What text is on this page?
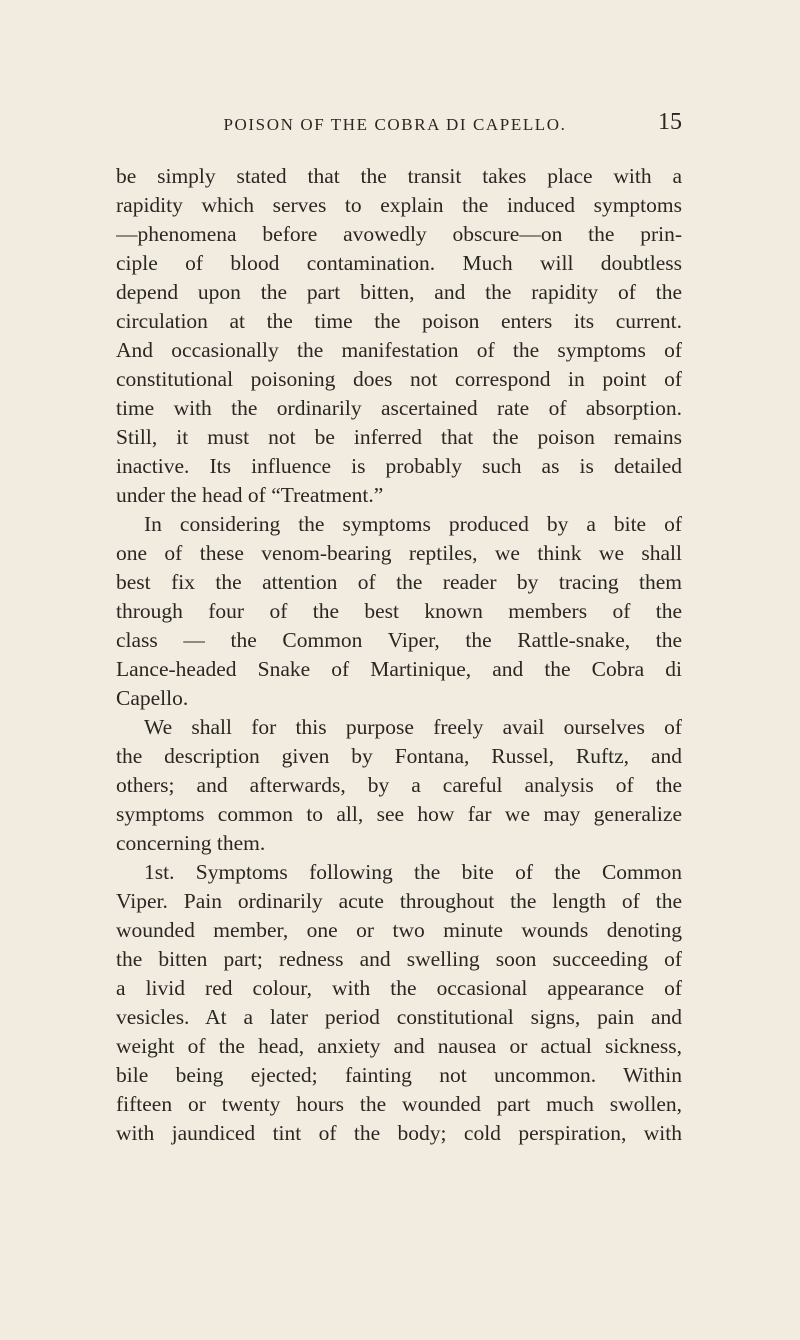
POISON OF THE COBRA DI CAPELLO.	15
be simply stated that the transit takes place with a
rapidity which serves to explain the induced symptoms
—phenomena before avowedly obscure—on the prin-
ciple of blood contamination. Much will doubtless
depend upon the part bitten, and the rapidity of the
circulation at the time the poison enters its current.
And occasionally the manifestation of the symptoms of
constitutional poisoning does not correspond in point of
time with the ordinarily ascertained rate of absorption.
Still, it must not be inferred that the poison remains
inactive. Its influence is probably such as is detailed
under the head of “Treatment.”
In considering the symptoms produced by a bite of
one of these venom-bearing reptiles, we think we shall
best fix the attention of the reader by tracing them
through four of the best known members of the
class — the Common Viper, the Rattle-snake, the
Lance-headed Snake of Martinique, and the Cobra di
Capello.
We shall for this purpose freely avail ourselves of
the description given by Fontana, Russel, Ruftz, and
others; and afterwards, by a careful analysis of the
symptoms common to all, see how far we may generalize
concerning them.
1st. Symptoms following the bite of the Common
Viper. Pain ordinarily acute throughout the length of the
wounded member, one or two minute wounds denoting
the bitten part; redness and swelling soon succeeding of
a livid red colour, with the occasional appearance of
vesicles. At a later period constitutional signs, pain and
weight of the head, anxiety and nausea or actual sickness,
bile being ejected; fainting not uncommon. Within
fifteen or twenty hours the wounded part much swollen,
with jaundiced tint of the body; cold perspiration, with
